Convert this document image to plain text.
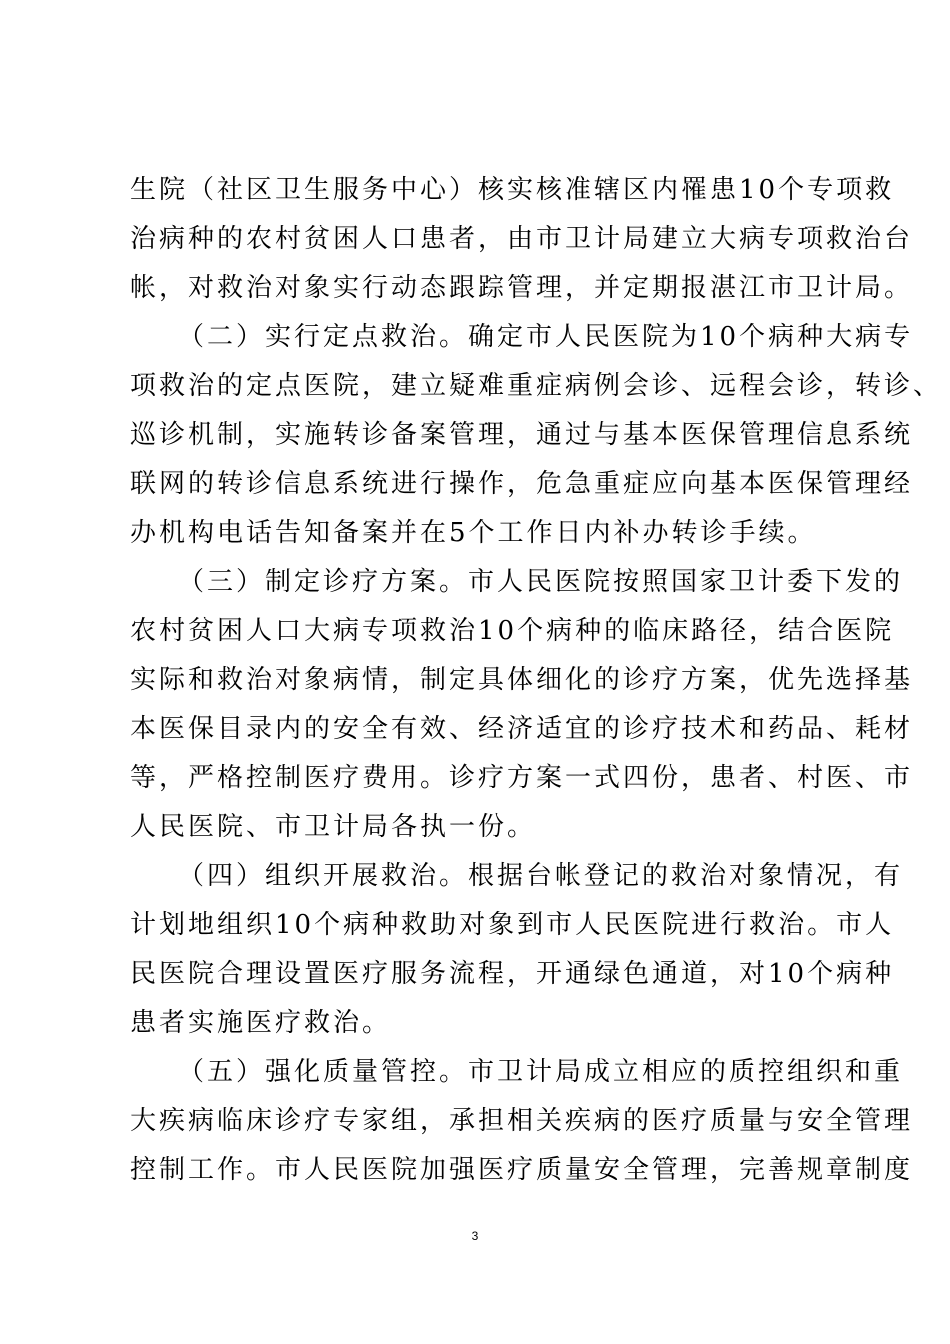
生院（社区卫生服务中心）核实核准辖区内罹患10个专项救
治病种的农村贫困人口患者，由市卫计局建立大病专项救治台
帐，对救治对象实行动态跟踪管理，并定期报湛江市卫计局。
（二）实行定点救治。确定市人民医院为10个病种大病专
项救治的定点医院，建立疑难重症病例会诊、远程会诊，转诊、
巡诊机制，实施转诊备案管理，通过与基本医保管理信息系统
联网的转诊信息系统进行操作，危急重症应向基本医保管理经
办机构电话告知备案并在5个工作日内补办转诊手续。
（三）制定诊疗方案。市人民医院按照国家卫计委下发的
农村贫困人口大病专项救治10个病种的临床路径，结合医院
实际和救治对象病情，制定具体细化的诊疗方案，优先选择基
本医保目录内的安全有效、经济适宜的诊疗技术和药品、耗材
等，严格控制医疗费用。诊疗方案一式四份，患者、村医、市
人民医院、市卫计局各执一份。
（四）组织开展救治。根据台帐登记的救治对象情况，有
计划地组织10个病种救助对象到市人民医院进行救治。市人
民医院合理设置医疗服务流程，开通绿色通道，对10个病种
患者实施医疗救治。
（五）强化质量管控。市卫计局成立相应的质控组织和重
大疾病临床诊疗专家组，承担相关疾病的医疗质量与安全管理
控制工作。市人民医院加强医疗质量安全管理，完善规章制度
3
